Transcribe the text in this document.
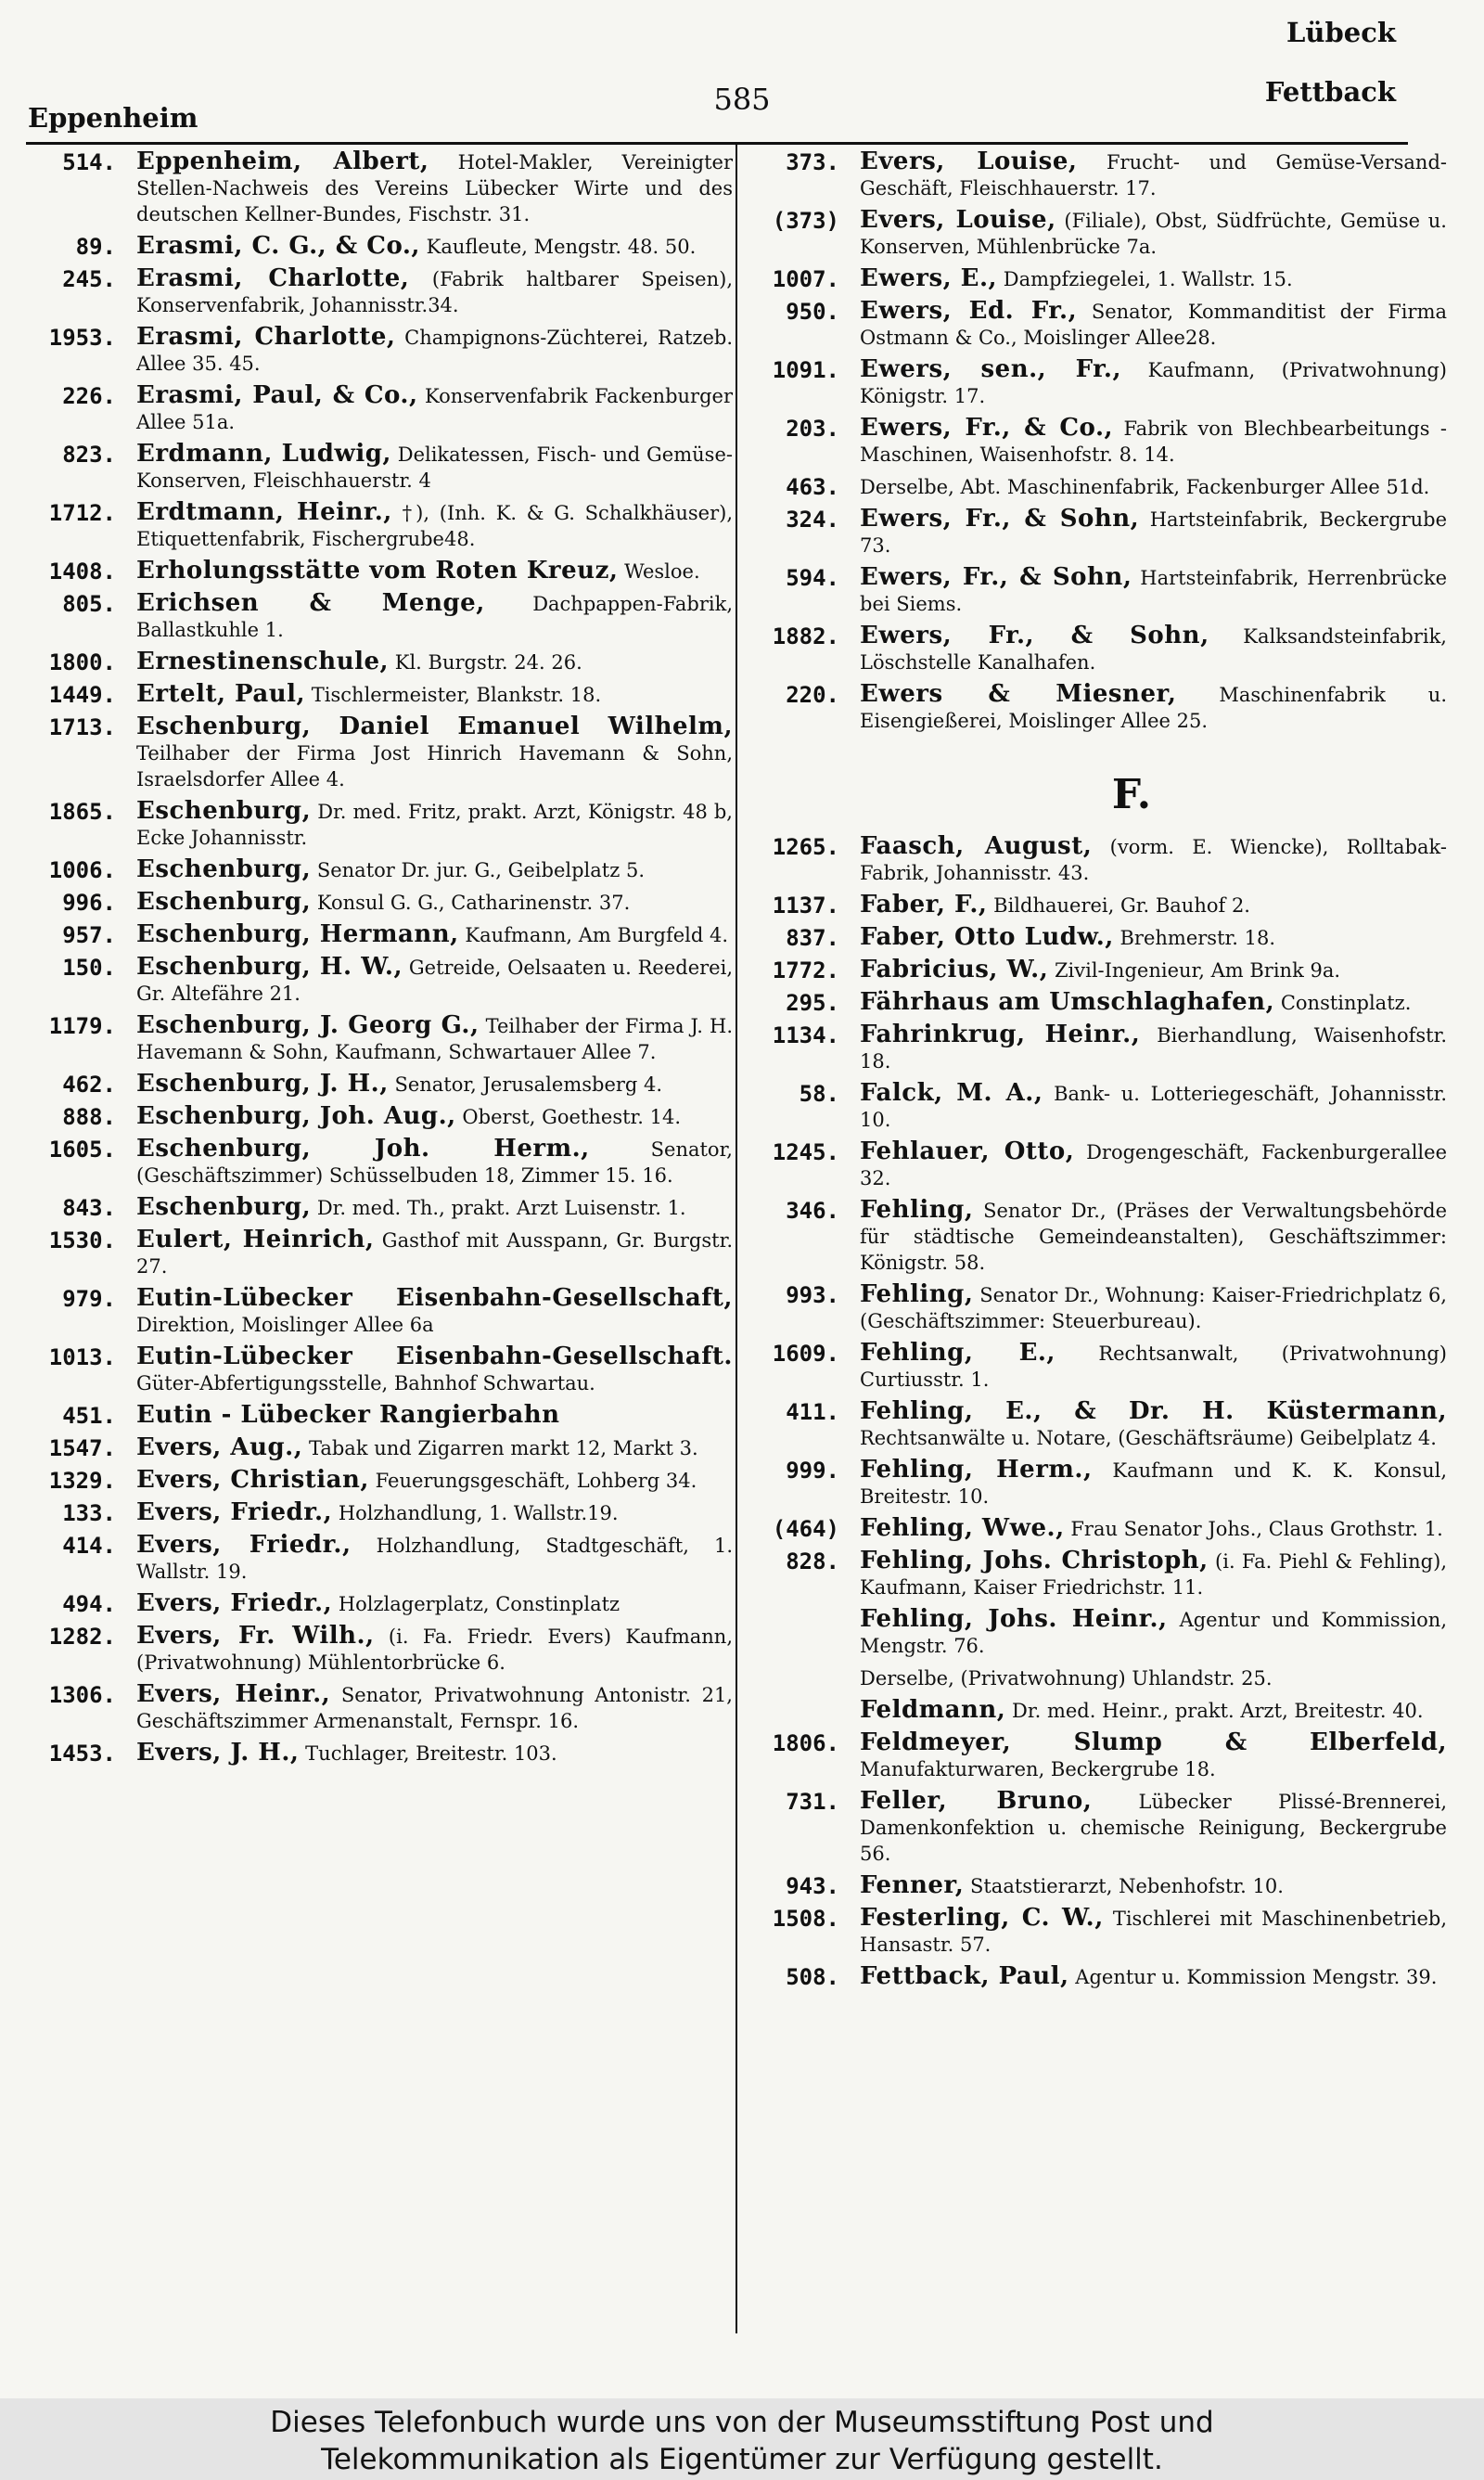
Eppenheim
585
Lübeck
Fettback
514. Eppenheim, Albert, Hotel-Makler, Vereinigter Stellen-Nachweis des Vereins Lübecker Wirte und des deutschen Kellner-Bundes, Fischstr. 31.
89. Erasmi, C. G., & Co., Kaufleute, Mengstr. 48. 50.
245. Erasmi, Charlotte, (Fabrik haltbarer Speisen), Konservenfabrik, Johannisstr.34.
1953. Erasmi, Charlotte, Champignons-Züchterei, Ratzeb. Allee 35. 45.
226. Erasmi, Paul, & Co., Konservenfabrik Fackenburger Allee 51a.
823. Erdmann, Ludwig, Delikatessen, Fisch- und Gemüse-Konserven, Fleischhauerstr. 4
1712. Erdtmann, Heinr., †), (Inh. K. & G. Schalkhäuser), Etiquettenfabrik, Fischergrube48.
1408. Erholungsstätte vom Roten Kreuz, Wesloe.
805. Erichsen & Menge, Dachpappen-Fabrik, Ballastkuhle 1.
1800. Ernestinenschule, Kl. Burgstr. 24. 26.
1449. Ertelt, Paul, Tischlermeister, Blankstr. 18.
1713. Eschenburg, Daniel Emanuel Wilhelm, Teilhaber der Firma Jost Hinrich Havemann & Sohn, Israelsdorfer Allee 4.
1865. Eschenburg, Dr. med. Fritz, prakt. Arzt, Königstr. 48 b, Ecke Johannisstr.
1006. Eschenburg, Senator Dr. jur. G., Geibelplatz 5.
996. Eschenburg, Konsul G. G., Catharinenstr. 37.
957. Eschenburg, Hermann, Kaufmann, Am Burgfeld 4.
150. Eschenburg, H. W., Getreide, Oelsaaten u. Reederei, Gr. Altefähre 21.
1179. Eschenburg, J. Georg G., Teilhaber der Firma J. H. Havemann & Sohn, Kaufmann, Schwartauer Allee 7.
462. Eschenburg, J. H., Senator, Jerusalemsberg 4.
888. Eschenburg, Joh. Aug., Oberst, Goethestr. 14.
1605. Eschenburg, Joh. Herm.,	Senator, (Geschäftszimmer) Schüsselbuden 18, Zimmer 15. 16.
843. Eschenburg, Dr. med. Th., prakt. Arzt Luisenstr. 1.
1530. Eulert, Heinrich, Gasthof mit Ausspann, Gr. Burgstr. 27.
979. Eutin-Lübecker Eisenbahn-Gesellschaft, Direktion, Moislinger Allee 6a
1013. Eutin-Lübecker Eisenbahn-Gesellschaft. Güter-Abfertigungsstelle, Bahnhof Schwartau.
451. Eutin - Lübecker Rangierbahn
1547. Evers, Aug., Tabak und Zigarren markt 12, Markt 3.
1329. Evers, Christian, Feuerungsgeschäft, Lohberg 34.
133. Evers, Friedr., Holzhandlung, 1. Wallstr.19.
414. Evers, Friedr., Holzhandlung, Stadtgeschäft, 1. Wallstr. 19.
494. Evers, Friedr., Holzlagerplatz, Constinplatz
1282. Evers, Fr. Wilh., (i. Fa. Friedr. Evers) Kaufmann, (Privatwohnung) Mühlentorbrücke 6.
1306. Evers, Heinr., Senator, Privatwohnung Antonistr. 21, Geschäftszimmer Armenanstalt, Fernspr. 16.
1453. Evers, J. H., Tuchlager, Breitestr. 103.
373. Evers, Louise, Frucht- und Gemüse-Versand-Geschäft, Fleischhauerstr. 17.
(373) Evers, Louise, (Filiale), Obst, Südfrüchte, Gemüse u. Konserven, Mühlenbrücke 7a.
1007. Ewers, E., Dampfziegelei, 1. Wallstr. 15.
950. Ewers, Ed. Fr., Senator, Kommanditist der Firma Ostmann & Co., Moislinger Allee28.
1091. Ewers, sen., Fr., Kaufmann, (Privatwohnung) Königstr. 17.
203. Ewers, Fr., & Co., Fabrik von Blechbearbeitungs - Maschinen, Waisenhofstr. 8. 14.
463. Derselbe, Abt. Maschinenfabrik, Fackenburger Allee 51d.
324. Ewers, Fr., & Sohn, Hartsteinfabrik, Beckergrube 73.
594. Ewers, Fr., & Sohn, Hartsteinfabrik, Herrenbrücke bei Siems.
1882. Ewers, Fr., & Sohn, Kalksandsteinfabrik, Löschstelle Kanalhafen.
220. Ewers & Miesner, Maschinenfabrik u. Eisengießerei, Moislinger Allee 25.
F.
1265. Faasch, August, (vorm. E. Wiencke), Rolltabak-Fabrik, Johannisstr. 43.
1137. Faber, F., Bildhauerei, Gr. Bauhof 2.
837. Faber, Otto Ludw., Brehmerstr. 18.
1772. Fabricius, W., Zivil-Ingenieur, Am Brink 9a.
295. Fährhaus am Umschlaghafen, Constinplatz.
1134. Fahrinkrug, Heinr., Bierhandlung, Waisenhofstr. 18.
58. Falck, M. A., Bank- u. Lotteriegeschäft, Johannisstr. 10.
1245. Fehlauer, Otto, Drogengeschäft, Fackenburgerallee 32.
346. Fehling, Senator Dr., (Präses der Verwaltungsbehörde für städtische Gemeindeanstalten), Geschäftszimmer: Königstr. 58.
993. Fehling, Senator Dr., Wohnung: Kaiser-Friedrichplatz 6, (Geschäftszimmer: Steuerbureau).
1609. Fehling, E., Rechtsanwalt, (Privatwohnung) Curtiusstr. 1.
411. Fehling, E., & Dr. H. Küstermann, Rechtsanwälte u. Notare, (Geschäftsräume) Geibelplatz 4.
999. Fehling, Herm., Kaufmann und K. K. Konsul, Breitestr. 10.
(464) Fehling, Wwe., Frau Senator Johs., Claus Grothstr. 1.
828. Fehling, Johs. Christoph, (i. Fa. Piehl & Fehling), Kaufmann, Kaiser Friedrichstr. 11.
Fehling, Johs. Heinr., Agentur und Kommission, Mengstr. 76.
Derselbe, (Privatwohnung) Uhlandstr. 25.
Feldmann, Dr. med. Heinr., prakt. Arzt, Breitestr. 40.
1806. Feldmeyer, Slump & Elberfeld, Manufakturwaren, Beckergrube 18.
731. Feller, Bruno, Lübecker Plissé-Brennerei, Damenkonfektion u. chemische Reinigung, Beckergrube 56.
943. Fenner, Staatstierarzt, Nebenhofstr. 10.
1508. Festerling, C. W., Tischlerei mit Maschinenbetrieb, Hansastr. 57.
508. Fettback, Paul, Agentur u. Kommission Mengstr. 39.
Dieses Telefonbuch wurde uns von der Museumsstiftung Post und
Telekommunikation als Eigentümer zur Verfügung gestellt.
